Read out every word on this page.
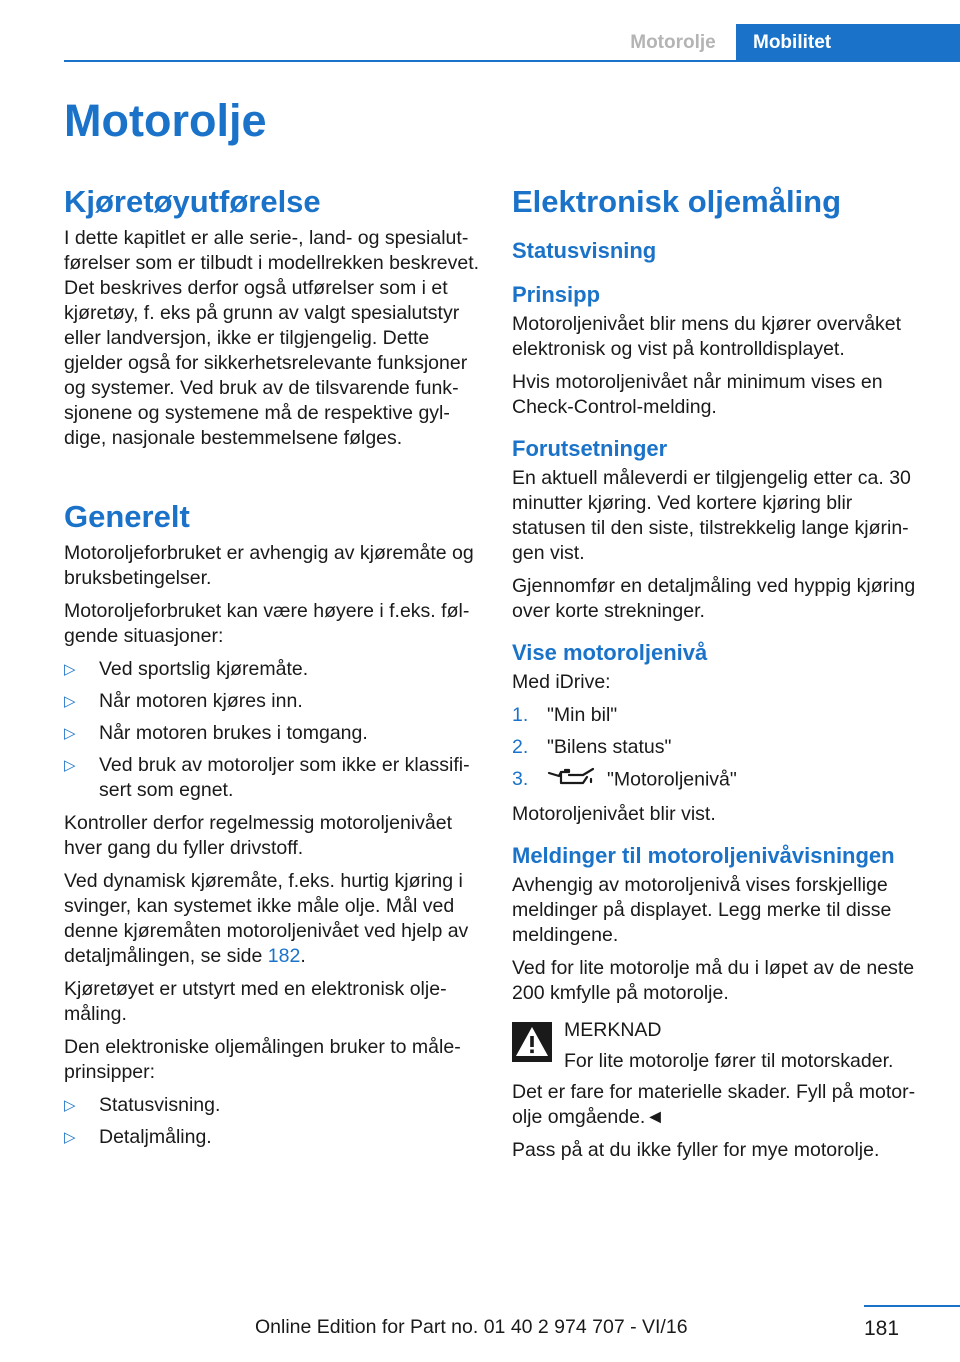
Motorolje	Mobilitet
Motorolje
Kjøretøyutførelse

I dette kapitlet er alle serie-, land- og spesialutførelser som er tilbudt i modellrekken beskrevet. Det beskrives derfor også utførelser som i et kjøretøy, f. eks på grunn av valgt spesialutstyr eller landversjon, ikke er tilgjengelig. Dette gjelder også for sikkerhetsrelevante funksjoner og systemer. Ved bruk av de tilsvarende funksjonene og systemene må de respektive gyldige, nasjonale bestemmelsene følges.

Generelt

Motoroljeforbruket er avhengig av kjøremåte og bruksbetingelser.

Motoroljeforbruket kan være høyere i f.eks. følgende situasjoner:

▷ Ved sportslig kjøremåte.
▷ Når motoren kjøres inn.
▷ Når motoren brukes i tomgang.
▷ Ved bruk av motoroljer som ikke er klassifisert som egnet.

Kontroller derfor regelmessig motoroljenivået hver gang du fyller drivstoff.

Ved dynamisk kjøremåte, f.eks. hurtig kjøring i svinger, kan systemet ikke måle olje. Mål ved denne kjøremåten motoroljenivået ved hjelp av detaljmålingen, se side 182.

Kjøretøyet er utstyrt med en elektronisk oljemåling.

Den elektroniske oljemålingen bruker to måleprinsipper:

▷ Statusvisning.
▷ Detaljmåling.
Elektronisk oljemåling
Statusvisning
Prinsipp

Motoroljenivået blir mens du kjører overvåket elektronisk og vist på kontrolldisplayet.

Hvis motoroljenivået når minimum vises en Check-Control-melding.

Forutsetninger

En aktuell måleverdi er tilgjengelig etter ca. 30 minutter kjøring. Ved kortere kjøring blir statusen til den siste, tilstrekkelig lange kjøringen vist.

Gjennomfør en detaljmåling ved hyppig kjøring over korte strekninger.

Vise motoroljenivå

Med iDrive:

1. "Min bil"
2. "Bilens status"
3.	"Motoroljenivå"

Motoroljenivået blir vist.

Meldinger til motoroljenivåvisningen

Avhengig av motoroljenivå vises forskjellige meldinger på displayet. Legg merke til disse meldingene.

Ved for lite motorolje må du i løpet av de neste 200 kmfylle på motorolje.

MERKNAD
For lite motorolje fører til motorskader.
Det er fare for materielle skader. Fyll på motorolje omgående.◄

Pass på at du ikke fyller for mye motorolje.

181
Online Edition for Part no. 01 40 2 974 707 - VI/16
